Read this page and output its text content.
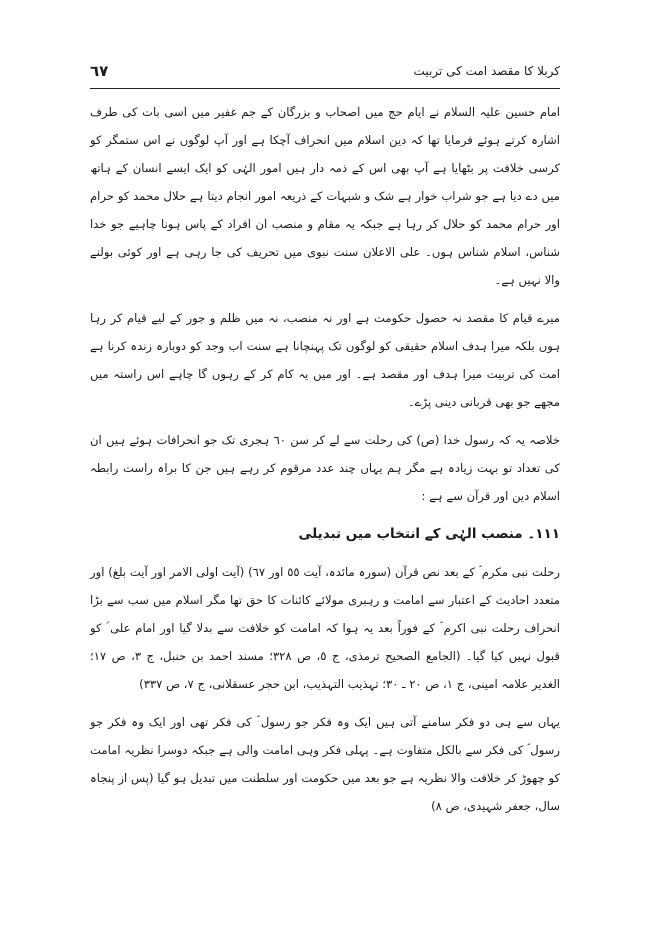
٦٧	کربلا کا مقصد امت کی تربیت

امام حسین علیہ السلام نے ایام حج میں اصحاب و بزرگان کے جم غفیر میں اسی بات کی طرف اشارہ کرتے ہوئے فرمایا تھا کہ دین اسلام میں انحراف آچکا ہے اور آپ لوگوں نے اس ستمگر کو کرسی خلافت پر بٹھایا ہے آپ بھی اس کے ذمہ دار ہیں امور الہٰی کو ایک ایسے انسان کے ہاتھ میں دے دیا ہے جو شراب خوار ہے شک و شبہات کے ذریعہ امور انجام دیتا ہے حلال محمد کو حرام اور حرام محمد کو حلال کر رہا ہے جبکہ یہ مقام و منصب ان افراد کے پاس ہونا چاہیے جو خدا شناس، اسلام شناس ہوں۔ علی الاعلان سنت نبوی میں تحریف کی جا رہی ہے اور کوئی بولنے والا نہیں ہے۔

میرے قیام کا مقصد نہ حصول حکومت ہے اور نہ منصب، نہ میں ظلم و جور کے لیے قیام کر رہا ہوں بلکہ میرا ہدف اسلام حقیقی کو لوگوں تک پہنچانا ہے سنت اب وجد کو دوبارہ زندہ کرنا ہے امت کی تربیت میرا ہدف اور مقصد ہے۔ اور میں یہ کام کر کے رہوں گا چاہے اس راستہ میں مجھے جو بھی قربانی دینی پڑے۔

خلاصہ یہ کہ رسول خدا (ص) کی رحلت سے لے کر سن ٦٠ ہجری تک جو انحرافات ہوئے ہیں ان کی تعداد تو بہت زیادہ ہے مگر ہم یہاں چند عدد مرقوم کر رہے ہیں جن کا براہ راست رابطہ اسلام دین اور قرآن سے ہے :

١١١۔ منصب الہٰی کے انتخاب میں تبدیلی

رحلت نبی مکرم ؐ کے بعد نص قرآن (سورہ مائدہ، آیت ٥٥ اور ٦٧) (آیت اولی الامر اور آیت بلغ) اور متعدد احادیث کے اعتبار سے امامت و رہبری مولائے کائنات کا حق تھا مگر اسلام میں سب سے بڑا انحراف رحلت نبی اکرم ؐ کے فوراً بعد یہ ہوا کہ امامت کو خلافت سے بدلا گیا اور امام علی ؑ کو قبول نہیں کیا گیا۔ (الجامع الصحیح ترمذی، ج ٥، ص ٣٢٨؛ مسند احمد بن حنبل، ج ٣، ص ١٧؛ الغدیر علامہ امینی، ج ١، ص ٢٠ ـ ٣٠؛ تہذیب التہذیب، ابن حجر عسقلانی، ج ٧، ص ٣٣٧)

یہاں سے ہی دو فکر سامنے آتی ہیں ایک وہ فکر جو رسول ؐ کی فکر تھی اور ایک وہ فکر جو رسول ؐ کی فکر سے بالکل متفاوت ہے۔ پہلی فکر وہی امامت والی ہے جبکہ دوسرا نظریہ امامت کو چھوڑ کر خلافت والا نظریہ ہے جو بعد میں حکومت اور سلطنت میں تبدیل ہو گیا (پس از پنجاہ سال، جعفر شہیدی، ص ٨)
